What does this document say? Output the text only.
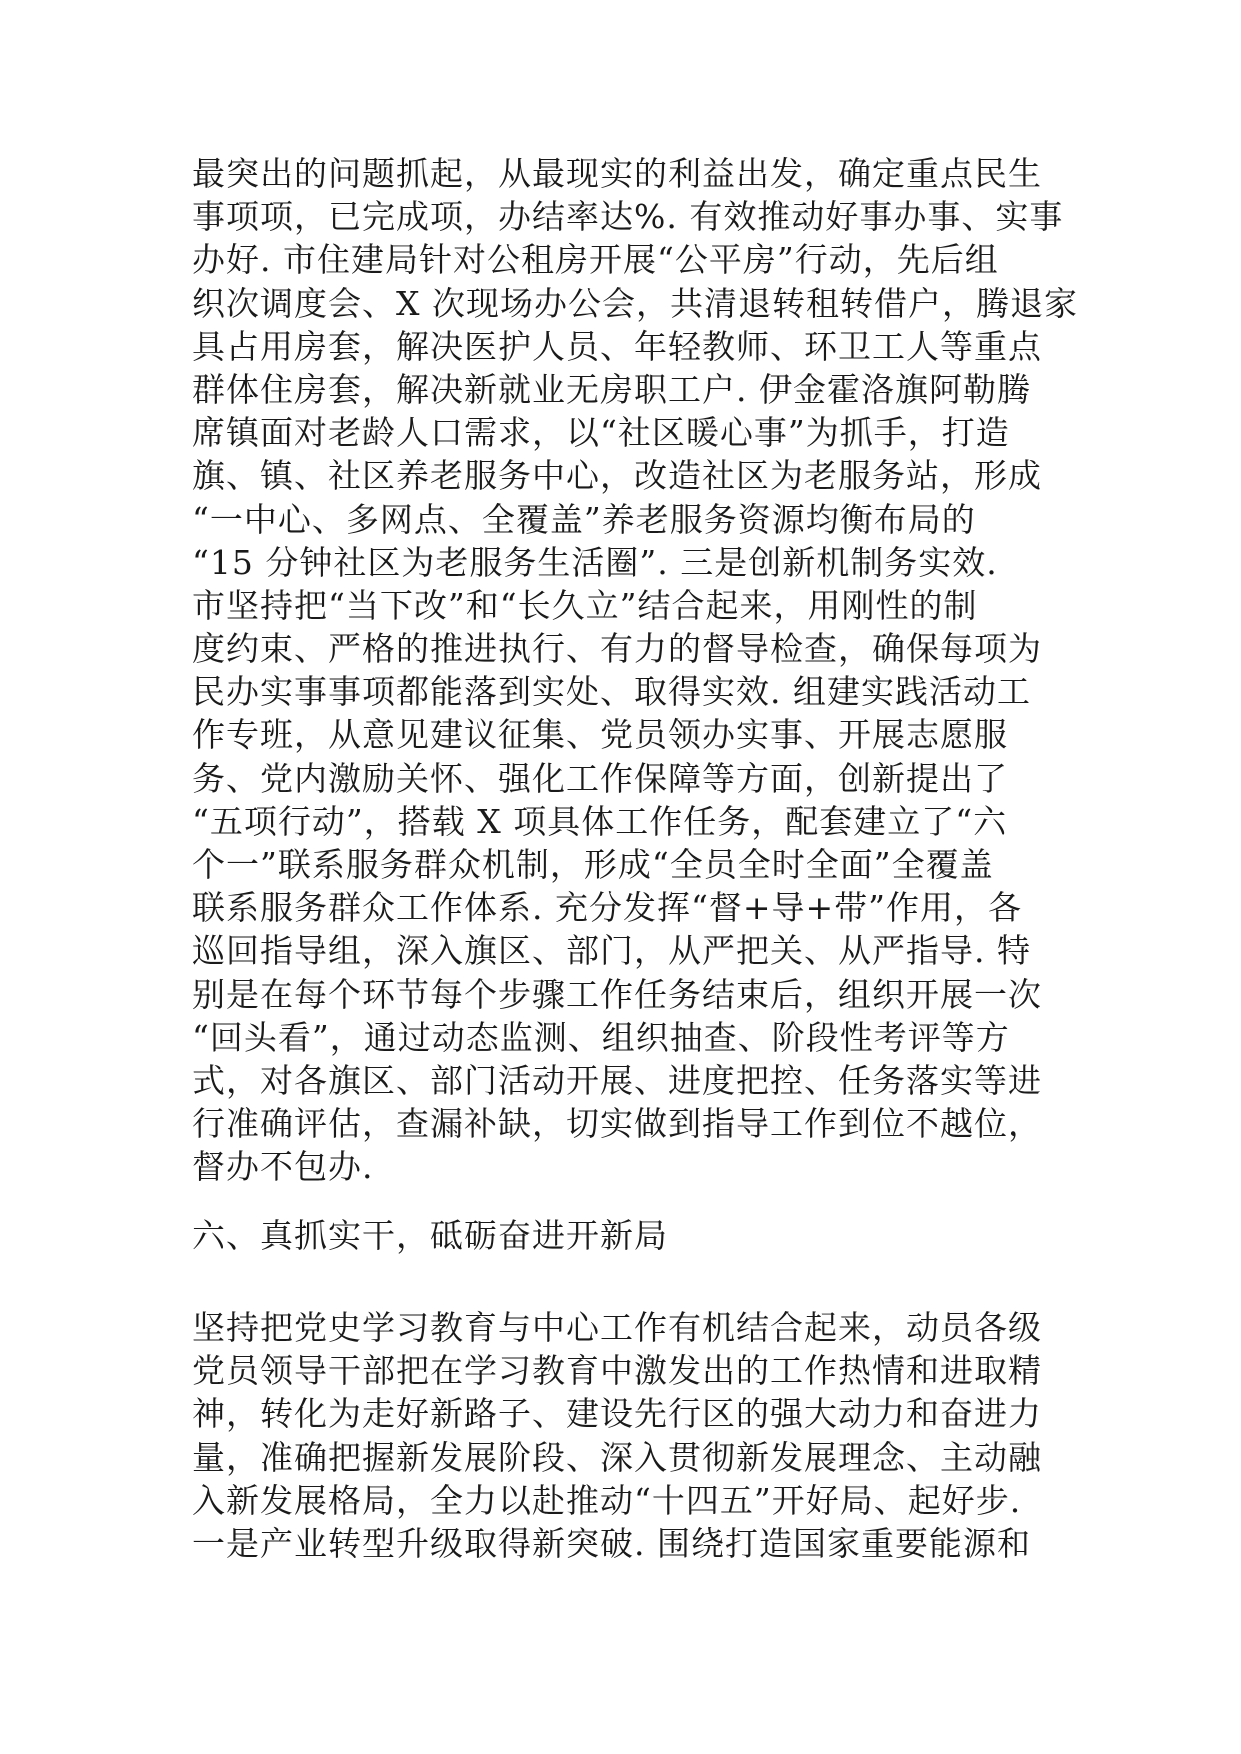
最突出的问题抓起，从最现实的利益出发，确定重点民生
事项项，已完成项，办结率达%. 有效推动好事办事、实事
办好. 市住建局针对公租房开展“公平房”行动，先后组
织次调度会、X 次现场办公会，共清退转租转借户，腾退家
具占用房套，解决医护人员、年轻教师、环卫工人等重点
群体住房套，解决新就业无房职工户. 伊金霍洛旗阿勒腾
席镇面对老龄人口需求，以“社区暖心事”为抓手，打造
旗、镇、社区养老服务中心，改造社区为老服务站，形成
“一中心、多网点、全覆盖”养老服务资源均衡布局的
“15 分钟社区为老服务生活圈”. 三是创新机制务实效.
市坚持把“当下改”和“长久立”结合起来，用刚性的制
度约束、严格的推进执行、有力的督导检查，确保每项为
民办实事事项都能落到实处、取得实效. 组建实践活动工
作专班，从意见建议征集、党员领办实事、开展志愿服
务、党内激励关怀、强化工作保障等方面，创新提出了
“五项行动”，搭载 X 项具体工作任务，配套建立了“六
个一”联系服务群众机制，形成“全员全时全面”全覆盖
联系服务群众工作体系. 充分发挥“督+导+带”作用，各
巡回指导组，深入旗区、部门，从严把关、从严指导. 特
别是在每个环节每个步骤工作任务结束后，组织开展一次
“回头看”，通过动态监测、组织抽查、阶段性考评等方
式，对各旗区、部门活动开展、进度把控、任务落实等进
行准确评估，查漏补缺，切实做到指导工作到位不越位，
督办不包办.
六、真抓实干，砥砺奋进开新局
坚持把党史学习教育与中心工作有机结合起来，动员各级
党员领导干部把在学习教育中激发出的工作热情和进取精
神，转化为走好新路子、建设先行区的强大动力和奋进力
量，准确把握新发展阶段、深入贯彻新发展理念、主动融
入新发展格局，全力以赴推动“十四五”开好局、起好步.
一是产业转型升级取得新突破. 围绕打造国家重要能源和
